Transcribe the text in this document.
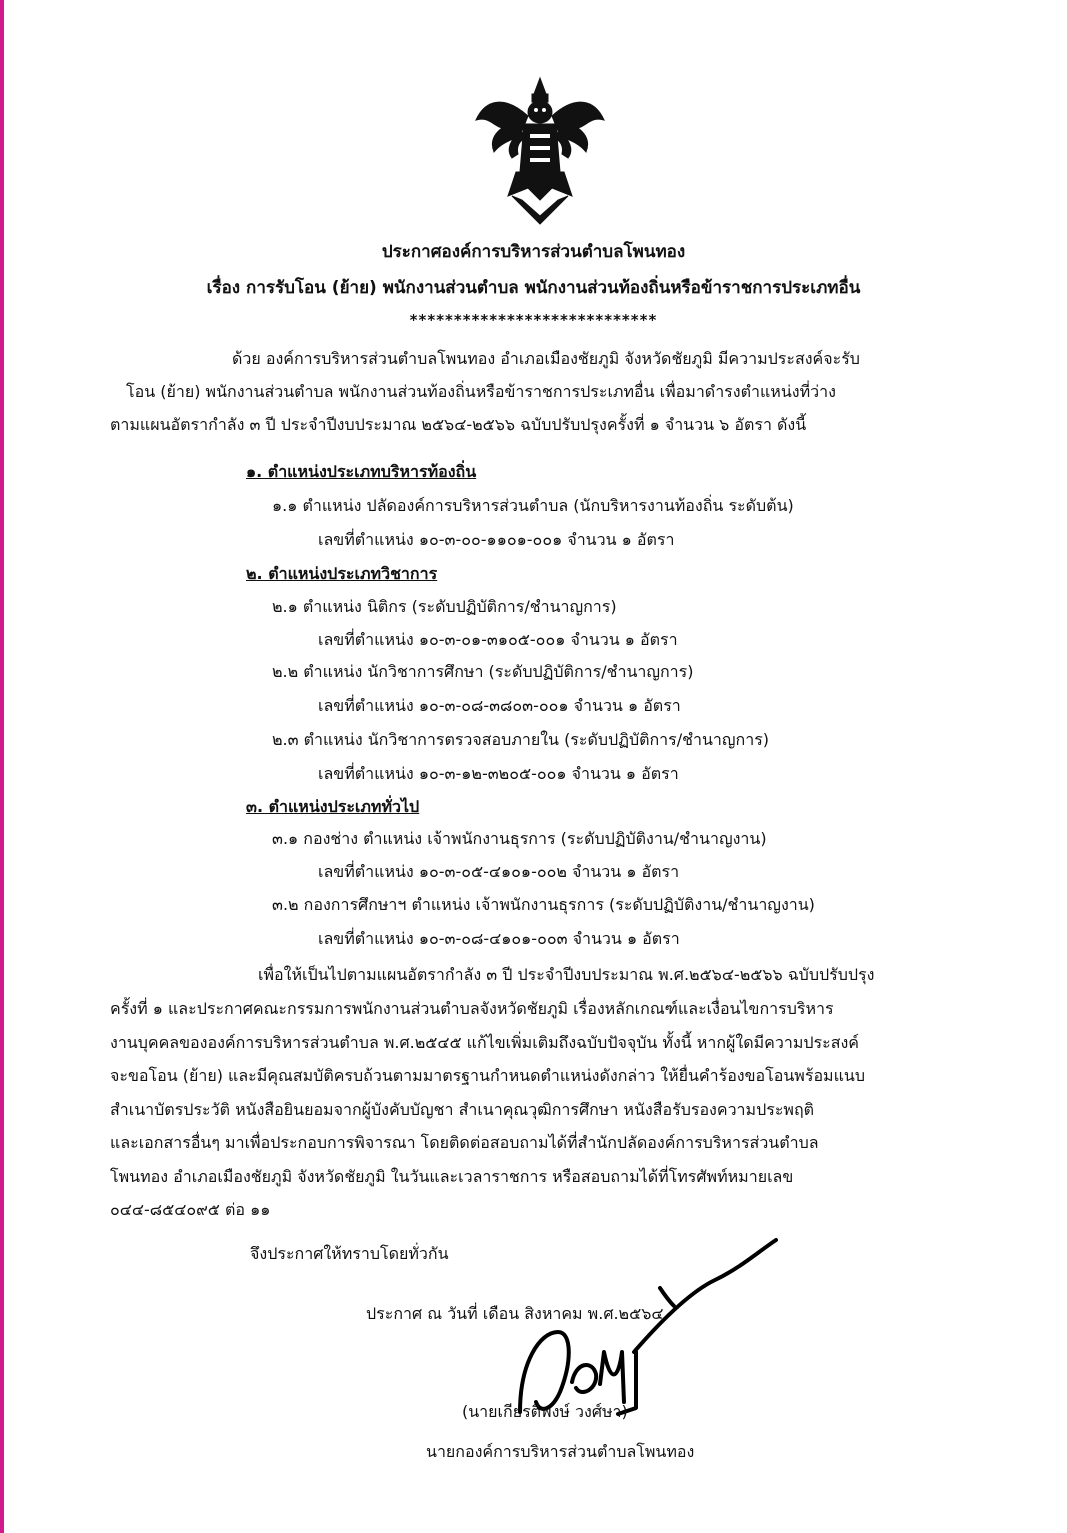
ประกาศองค์การบริหารส่วนตำบลโพนทอง
เรื่อง การรับโอน (ย้าย) พนักงานส่วนตำบล พนักงานส่วนท้องถิ่นหรือข้าราชการประเภทอื่น
****************************
ด้วย องค์การบริหารส่วนตำบลโพนทอง อำเภอเมืองชัยภูมิ จังหวัดชัยภูมิ มีความประสงค์จะรับ
โอน (ย้าย) พนักงานส่วนตำบล พนักงานส่วนท้องถิ่นหรือข้าราชการประเภทอื่น เพื่อมาดำรงตำแหน่งที่ว่าง
ตามแผนอัตรากำลัง ๓ ปี ประจำปีงบประมาณ ๒๕๖๔-๒๕๖๖ ฉบับปรับปรุงครั้งที่ ๑ จำนวน ๖ อัตรา ดังนี้
๑. ตำแหน่งประเภทบริหารท้องถิ่น
๑.๑ ตำแหน่ง ปลัดองค์การบริหารส่วนตำบล (นักบริหารงานท้องถิ่น ระดับต้น)
เลขที่ตำแหน่ง ๑๐-๓-๐๐-๑๑๐๑-๐๐๑ จำนวน ๑ อัตรา
๒. ตำแหน่งประเภทวิชาการ
๒.๑ ตำแหน่ง นิติกร (ระดับปฏิบัติการ/ชำนาญการ)
เลขที่ตำแหน่ง ๑๐-๓-๐๑-๓๑๐๕-๐๐๑ จำนวน ๑ อัตรา
๒.๒ ตำแหน่ง นักวิชาการศึกษา (ระดับปฏิบัติการ/ชำนาญการ)
เลขที่ตำแหน่ง ๑๐-๓-๐๘-๓๘๐๓-๐๐๑ จำนวน ๑ อัตรา
๒.๓ ตำแหน่ง นักวิชาการตรวจสอบภายใน (ระดับปฏิบัติการ/ชำนาญการ)
เลขที่ตำแหน่ง ๑๐-๓-๑๒-๓๒๐๕-๐๐๑ จำนวน ๑ อัตรา
๓. ตำแหน่งประเภททั่วไป
๓.๑ กองช่าง ตำแหน่ง เจ้าพนักงานธุรการ (ระดับปฏิบัติงาน/ชำนาญงาน)
เลขที่ตำแหน่ง ๑๐-๓-๐๕-๔๑๐๑-๐๐๒ จำนวน ๑ อัตรา
๓.๒ กองการศึกษาฯ ตำแหน่ง เจ้าพนักงานธุรการ (ระดับปฏิบัติงาน/ชำนาญงาน)
เลขที่ตำแหน่ง ๑๐-๓-๐๘-๔๑๐๑-๐๐๓ จำนวน ๑ อัตรา
เพื่อให้เป็นไปตามแผนอัตรากำลัง ๓ ปี ประจำปีงบประมาณ พ.ศ.๒๕๖๔-๒๕๖๖ ฉบับปรับปรุง
ครั้งที่ ๑ และประกาศคณะกรรมการพนักงานส่วนตำบลจังหวัดชัยภูมิ เรื่องหลักเกณฑ์และเงื่อนไขการบริหาร
งานบุคคลขององค์การบริหารส่วนตำบล พ.ศ.๒๕๔๕ แก้ไขเพิ่มเติมถึงฉบับปัจจุบัน ทั้งนี้ หากผู้ใดมีความประสงค์
จะขอโอน (ย้าย) และมีคุณสมบัติครบถ้วนตามมาตรฐานกำหนดตำแหน่งดังกล่าว ให้ยื่นคำร้องขอโอนพร้อมแนบ
สำเนาบัตรประวัติ หนังสือยินยอมจากผู้บังคับบัญชา สำเนาคุณวุฒิการศึกษา หนังสือรับรองความประพฤติ
และเอกสารอื่นๆ มาเพื่อประกอบการพิจารณา โดยติดต่อสอบถามได้ที่สำนักปลัดองค์การบริหารส่วนตำบล
โพนทอง อำเภอเมืองชัยภูมิ จังหวัดชัยภูมิ ในวันและเวลาราชการ หรือสอบถามได้ที่โทรศัพท์หมายเลข
๐๔๔-๘๕๔๐๙๕ ต่อ ๑๑
จึงประกาศให้ทราบโดยทั่วกัน
ประกาศ ณ วันที่ เดือน สิงหาคม พ.ศ.๒๕๖๔
(นายเกียรติพงษ์ วงศ์ษา)
นายกองค์การบริหารส่วนตำบลโพนทอง
